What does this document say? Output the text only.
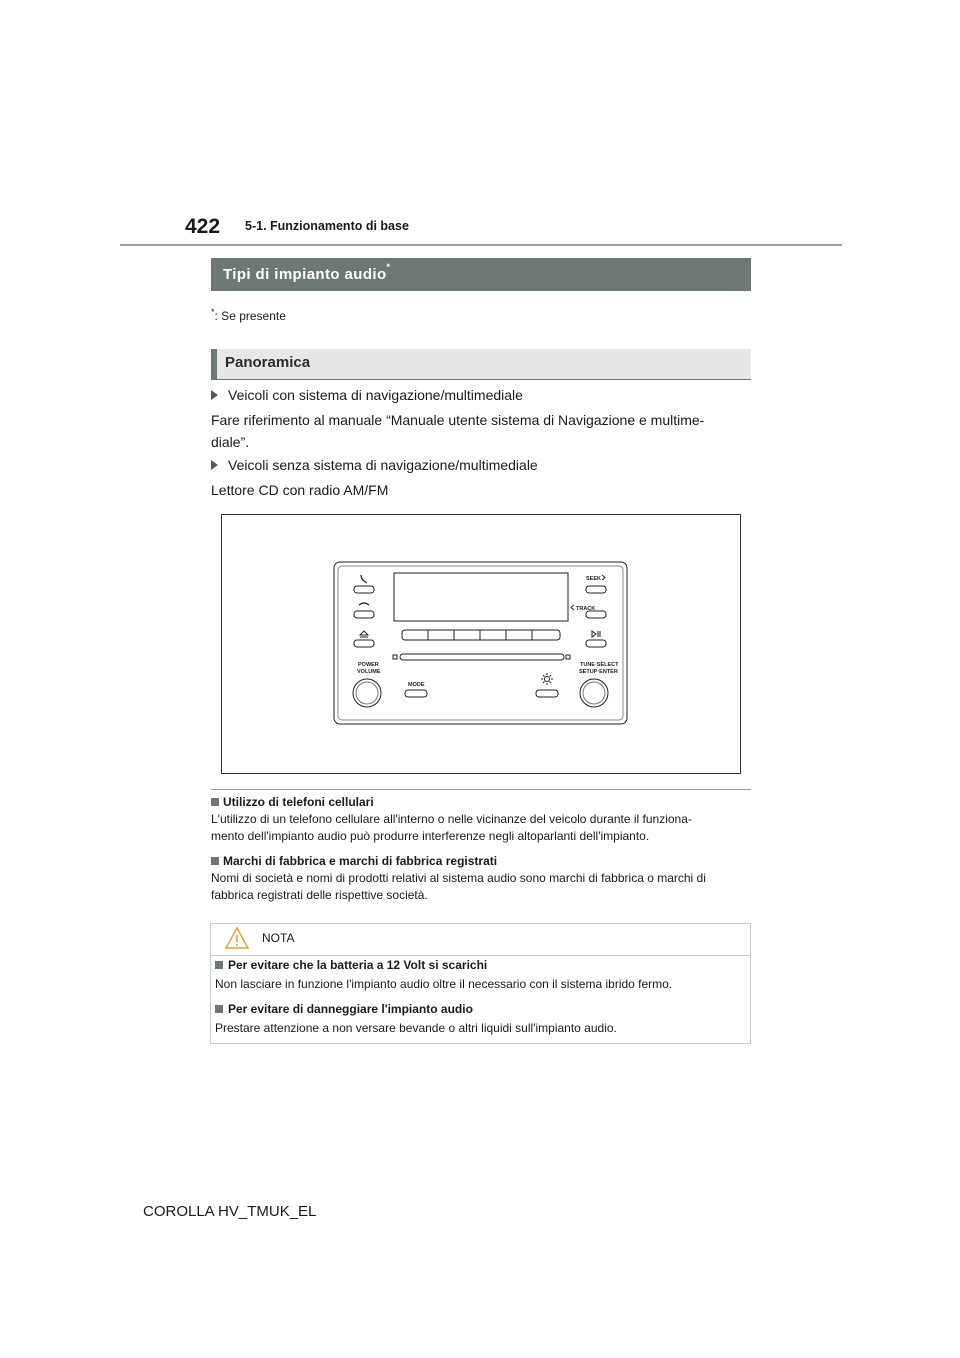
422 5-1. Funzionamento di base
Tipi di impianto audio*
*: Se presente
Panoramica
Veicoli con sistema di navigazione/multimediale
Fare riferimento al manuale “Manuale utente sistema di Navigazione e multime-
diale”.
Veicoli senza sistema di navigazione/multimediale
Lettore CD con radio AM/FM
SEEK
TRACK
POWER
VOLUME
TUNE·SELECT
SETUP·ENTER
MODE
Utilizzo di telefoni cellulari
L'utilizzo di un telefono cellulare all'interno o nelle vicinanze del veicolo durante il funziona-
mento dell'impianto audio può produrre interferenze negli altoparlanti dell'impianto.
Marchi di fabbrica e marchi di fabbrica registrati
Nomi di società e nomi di prodotti relativi al sistema audio sono marchi di fabbrica o marchi di
fabbrica registrati delle rispettive società.
NOTA
Per evitare che la batteria a 12 Volt si scarichi
Non lasciare in funzione l'impianto audio oltre il necessario con il sistema ibrido fermo.
Per evitare di danneggiare l'impianto audio
Prestare attenzione a non versare bevande o altri liquidi sull'impianto audio.
COROLLA HV_TMUK_EL
